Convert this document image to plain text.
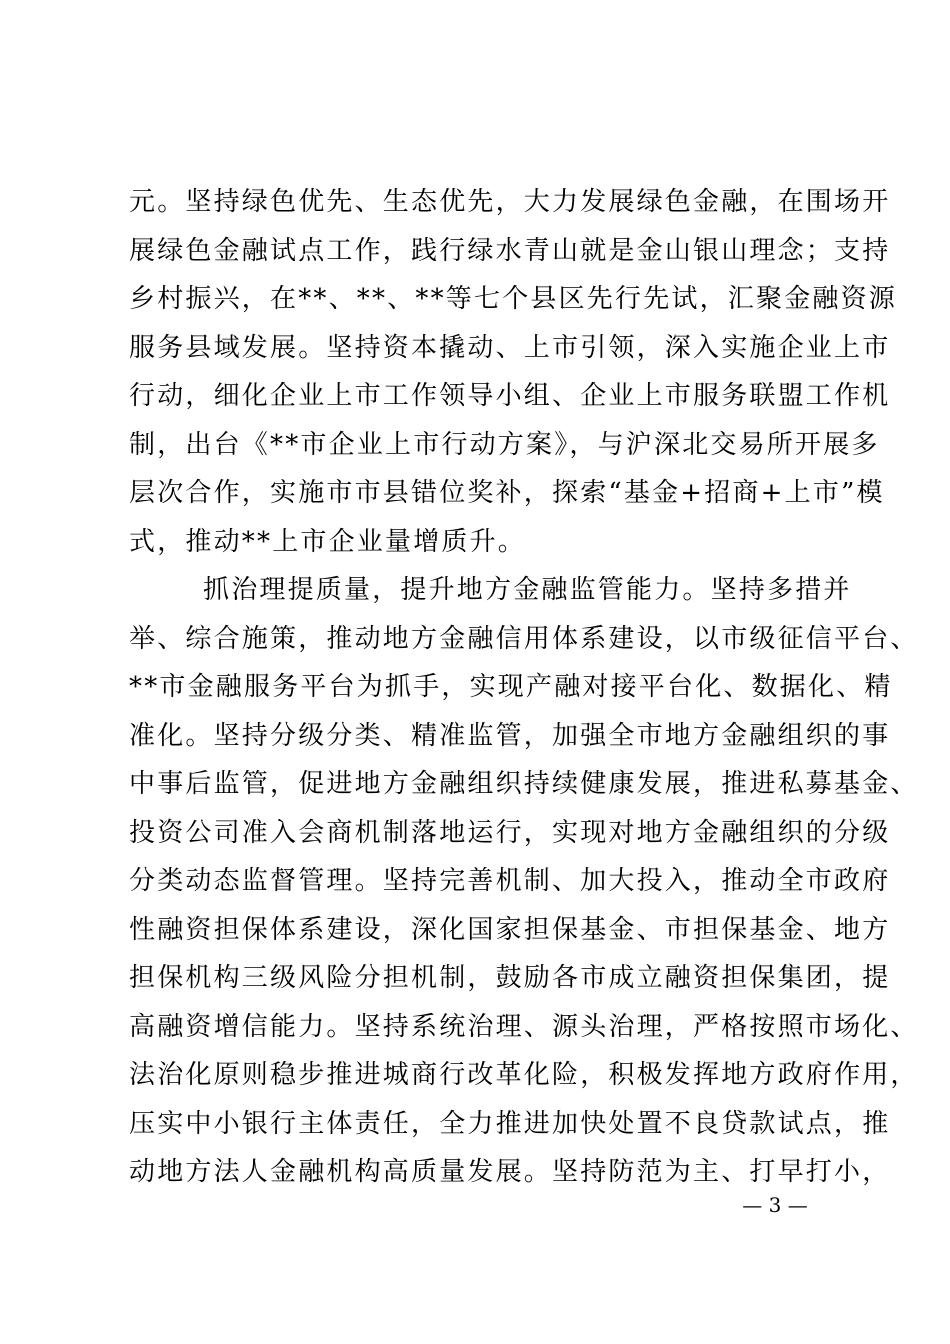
元。坚持绿色优先、生态优先，大力发展绿色金融，在围场开
展绿色金融试点工作，践行绿水青山就是金山银山理念；支持
乡村振兴，在**、**、**等七个县区先行先试，汇聚金融资源
服务县域发展。坚持资本撬动、上市引领，深入实施企业上市
行动，细化企业上市工作领导小组、企业上市服务联盟工作机
制，出台《**市企业上市行动方案》，与沪深北交易所开展多
层次合作，实施市市县错位奖补，探索“基金+招商+上市”模
式，推动**上市企业量增质升。
抓治理提质量，提升地方金融监管能力。坚持多措并
举、综合施策，推动地方金融信用体系建设，以市级征信平台、
**市金融服务平台为抓手，实现产融对接平台化、数据化、精
准化。坚持分级分类、精准监管，加强全市地方金融组织的事
中事后监管，促进地方金融组织持续健康发展，推进私募基金、
投资公司准入会商机制落地运行，实现对地方金融组织的分级
分类动态监督管理。坚持完善机制、加大投入，推动全市政府
性融资担保体系建设，深化国家担保基金、市担保基金、地方
担保机构三级风险分担机制，鼓励各市成立融资担保集团，提
高融资增信能力。坚持系统治理、源头治理，严格按照市场化、
法治化原则稳步推进城商行改革化险，积极发挥地方政府作用，
压实中小银行主体责任，全力推进加快处置不良贷款试点，推
动地方法人金融机构高质量发展。坚持防范为主、打早打小，
— 3 —
